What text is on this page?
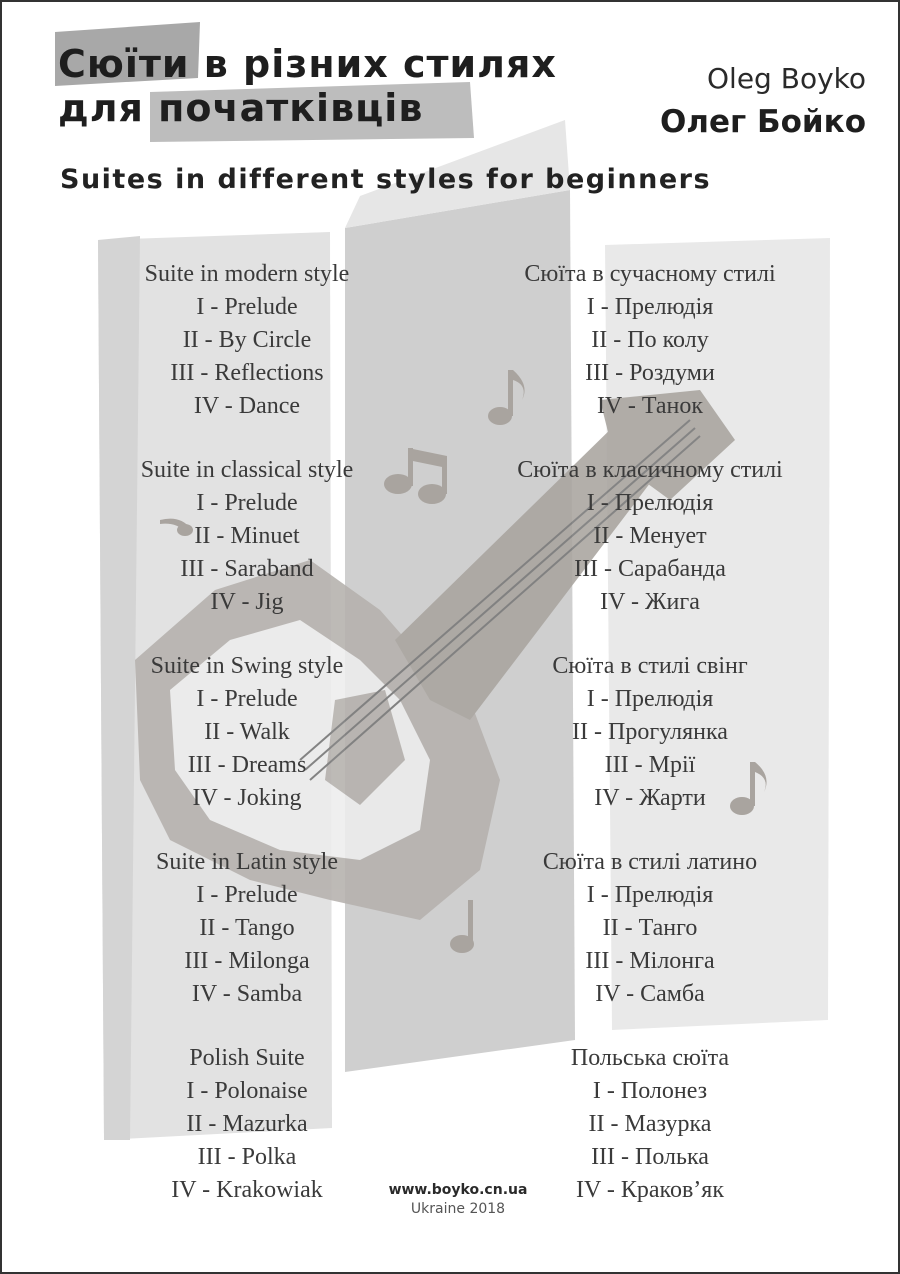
Сюїти в різних стилях
для початківців
Oleg Boyko
Олег Бойко
Suites in different styles for beginners
Suite in modern style
I - Prelude
II - By Circle
III - Reflections
IV - Dance
Suite in classical style
I - Prelude
II - Minuet
III - Saraband
IV - Jig
Suite in Swing style
I - Prelude
II - Walk
III - Dreams
IV - Joking
Suite in Latin style
I - Prelude
II - Tango
III - Milonga
IV - Samba
Polish Suite
I - Polonaise
II - Mazurka
III - Polka
IV - Krakowiak
Сюїта в сучасному стилі
I - Прелюдія
II - По колу
III - Роздуми
IV - Танок
Сюїта в класичному стилі
I - Прелюдія
II - Менует
III - Сарабанда
IV - Жига
Сюїта в стилі свінг
I - Прелюдія
II - Прогулянка
III - Мрії
IV - Жарти
Сюїта в стилі латино
I - Прелюдія
II - Танго
III - Мілонга
IV - Самба
Польська сюїта
I - Полонез
II - Мазурка
III - Полька
IV - Краков’як
www.boyko.cn.ua
Ukraine 2018
